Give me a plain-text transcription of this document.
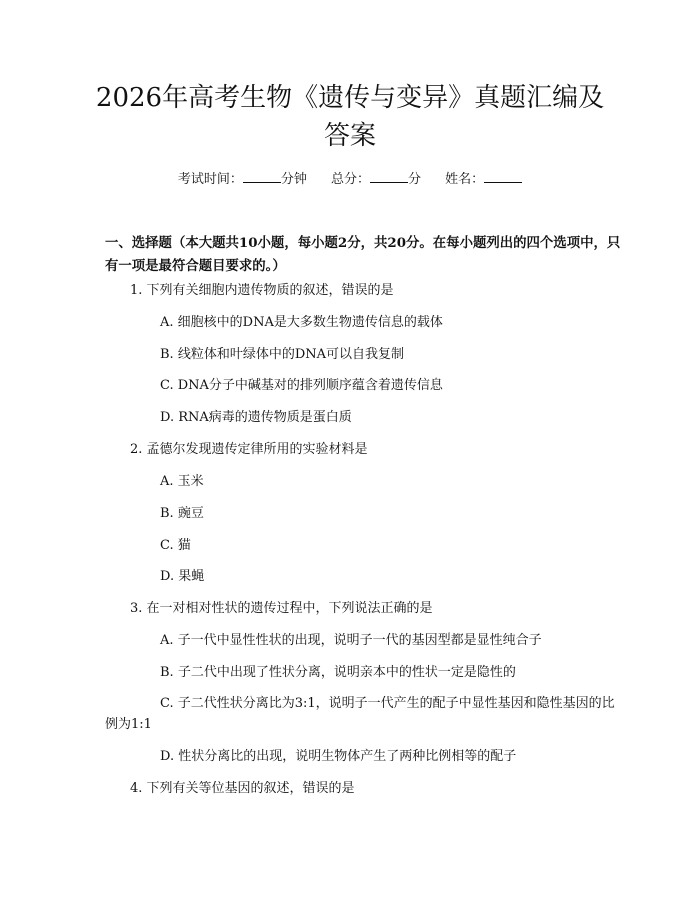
2026年高考生物《遗传与变异》真题汇编及答案
考试时间：	分钟 总分：	分 姓名：
一、选择题（本大题共10小题，每小题2分，共20分。在每小题列出的四个选项中，只有一项是最符合题目要求的。）
1. 下列有关细胞内遗传物质的叙述，错误的是
A. 细胞核中的DNA是大多数生物遗传信息的载体
B. 线粒体和叶绿体中的DNA可以自我复制
C. DNA分子中碱基对的排列顺序蕴含着遗传信息
D. RNA病毒的遗传物质是蛋白质
2. 孟德尔发现遗传定律所用的实验材料是
A. 玉米
B. 豌豆
C. 猫
D. 果蝇
3. 在一对相对性状的遗传过程中，下列说法正确的是
A. 子一代中显性性状的出现，说明子一代的基因型都是显性纯合子
B. 子二代中出现了性状分离，说明亲本中的性状一定是隐性的
C. 子二代性状分离比为3:1，说明子一代产生的配子中显性基因和隐性基因的比例为1:1
D. 性状分离比的出现，说明生物体产生了两种比例相等的配子
4. 下列有关等位基因的叙述，错误的是
